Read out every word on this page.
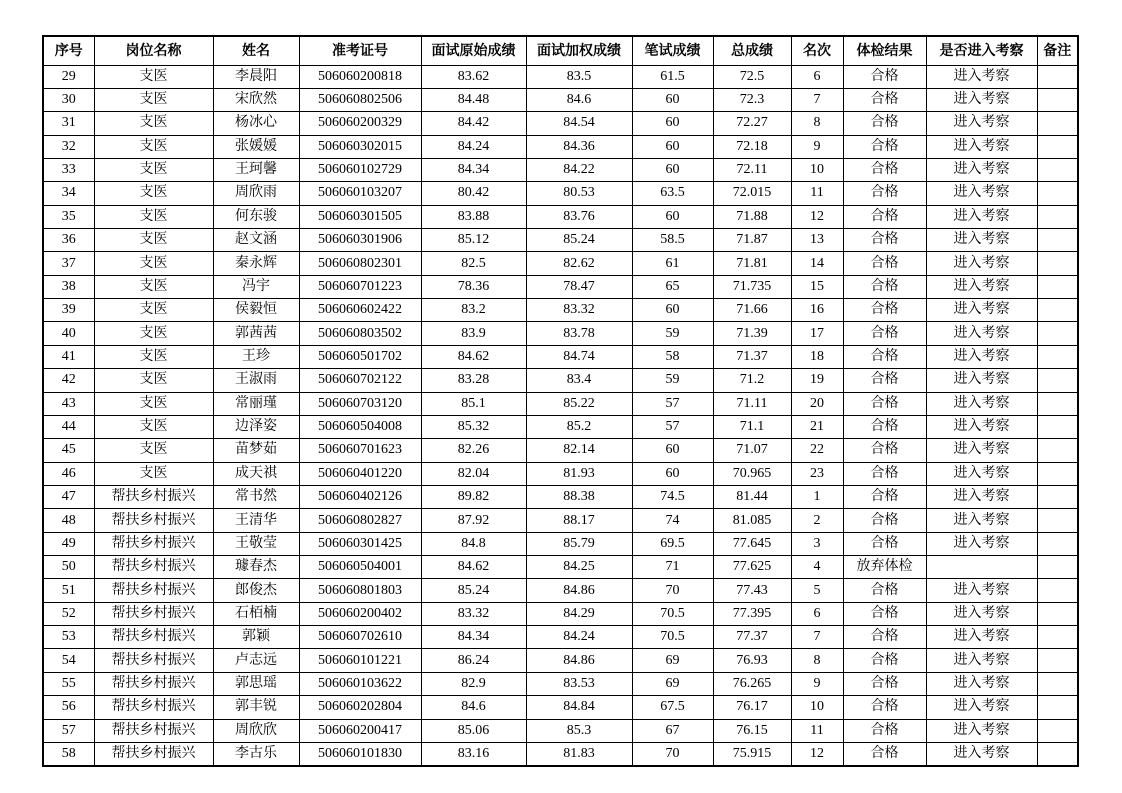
序号	岗位名称	姓名	准考证号	面试原始成绩	面试加权成绩	笔试成绩	总成绩	名次	体检结果	是否进入考察	备注
29	支医	李晨阳	506060200818	83.62	83.5	61.5	72.5	6	合格	进入考察	
30	支医	宋欣然	506060802506	84.48	84.6	60	72.3	7	合格	进入考察	
31	支医	杨冰心	506060200329	84.42	84.54	60	72.27	8	合格	进入考察	
32	支医	张媛媛	506060302015	84.24	84.36	60	72.18	9	合格	进入考察	
33	支医	王珂馨	506060102729	84.34	84.22	60	72.11	10	合格	进入考察	
34	支医	周欣雨	506060103207	80.42	80.53	63.5	72.015	11	合格	进入考察	
35	支医	何东骏	506060301505	83.88	83.76	60	71.88	12	合格	进入考察	
36	支医	赵文涵	506060301906	85.12	85.24	58.5	71.87	13	合格	进入考察	
37	支医	秦永辉	506060802301	82.5	82.62	61	71.81	14	合格	进入考察	
38	支医	冯宇	506060701223	78.36	78.47	65	71.735	15	合格	进入考察	
39	支医	侯毅恒	506060602422	83.2	83.32	60	71.66	16	合格	进入考察	
40	支医	郭茜茜	506060803502	83.9	83.78	59	71.39	17	合格	进入考察	
41	支医	王珍	506060501702	84.62	84.74	58	71.37	18	合格	进入考察	
42	支医	王淑雨	506060702122	83.28	83.4	59	71.2	19	合格	进入考察	
43	支医	常丽瑾	506060703120	85.1	85.22	57	71.11	20	合格	进入考察	
44	支医	边泽姿	506060504008	85.32	85.2	57	71.1	21	合格	进入考察	
45	支医	苗梦茹	506060701623	82.26	82.14	60	71.07	22	合格	进入考察	
46	支医	成天祺	506060401220	82.04	81.93	60	70.965	23	合格	进入考察	
47	帮扶乡村振兴	常书然	506060402126	89.82	88.38	74.5	81.44	1	合格	进入考察	
48	帮扶乡村振兴	王清华	506060802827	87.92	88.17	74	81.085	2	合格	进入考察	
49	帮扶乡村振兴	王敬莹	506060301425	84.8	85.79	69.5	77.645	3	合格	进入考察	
50	帮扶乡村振兴	璩春杰	506060504001	84.62	84.25	71	77.625	4	放弃体检		
51	帮扶乡村振兴	郎俊杰	506060801803	85.24	84.86	70	77.43	5	合格	进入考察	
52	帮扶乡村振兴	石栢楠	506060200402	83.32	84.29	70.5	77.395	6	合格	进入考察	
53	帮扶乡村振兴	郭颖	506060702610	84.34	84.24	70.5	77.37	7	合格	进入考察	
54	帮扶乡村振兴	卢志远	506060101221	86.24	84.86	69	76.93	8	合格	进入考察	
55	帮扶乡村振兴	郭思瑶	506060103622	82.9	83.53	69	76.265	9	合格	进入考察	
56	帮扶乡村振兴	郭丰锐	506060202804	84.6	84.84	67.5	76.17	10	合格	进入考察	
57	帮扶乡村振兴	周欣欣	506060200417	85.06	85.3	67	76.15	11	合格	进入考察	
58	帮扶乡村振兴	李古乐	506060101830	83.16	81.83	70	75.915	12	合格	进入考察	
